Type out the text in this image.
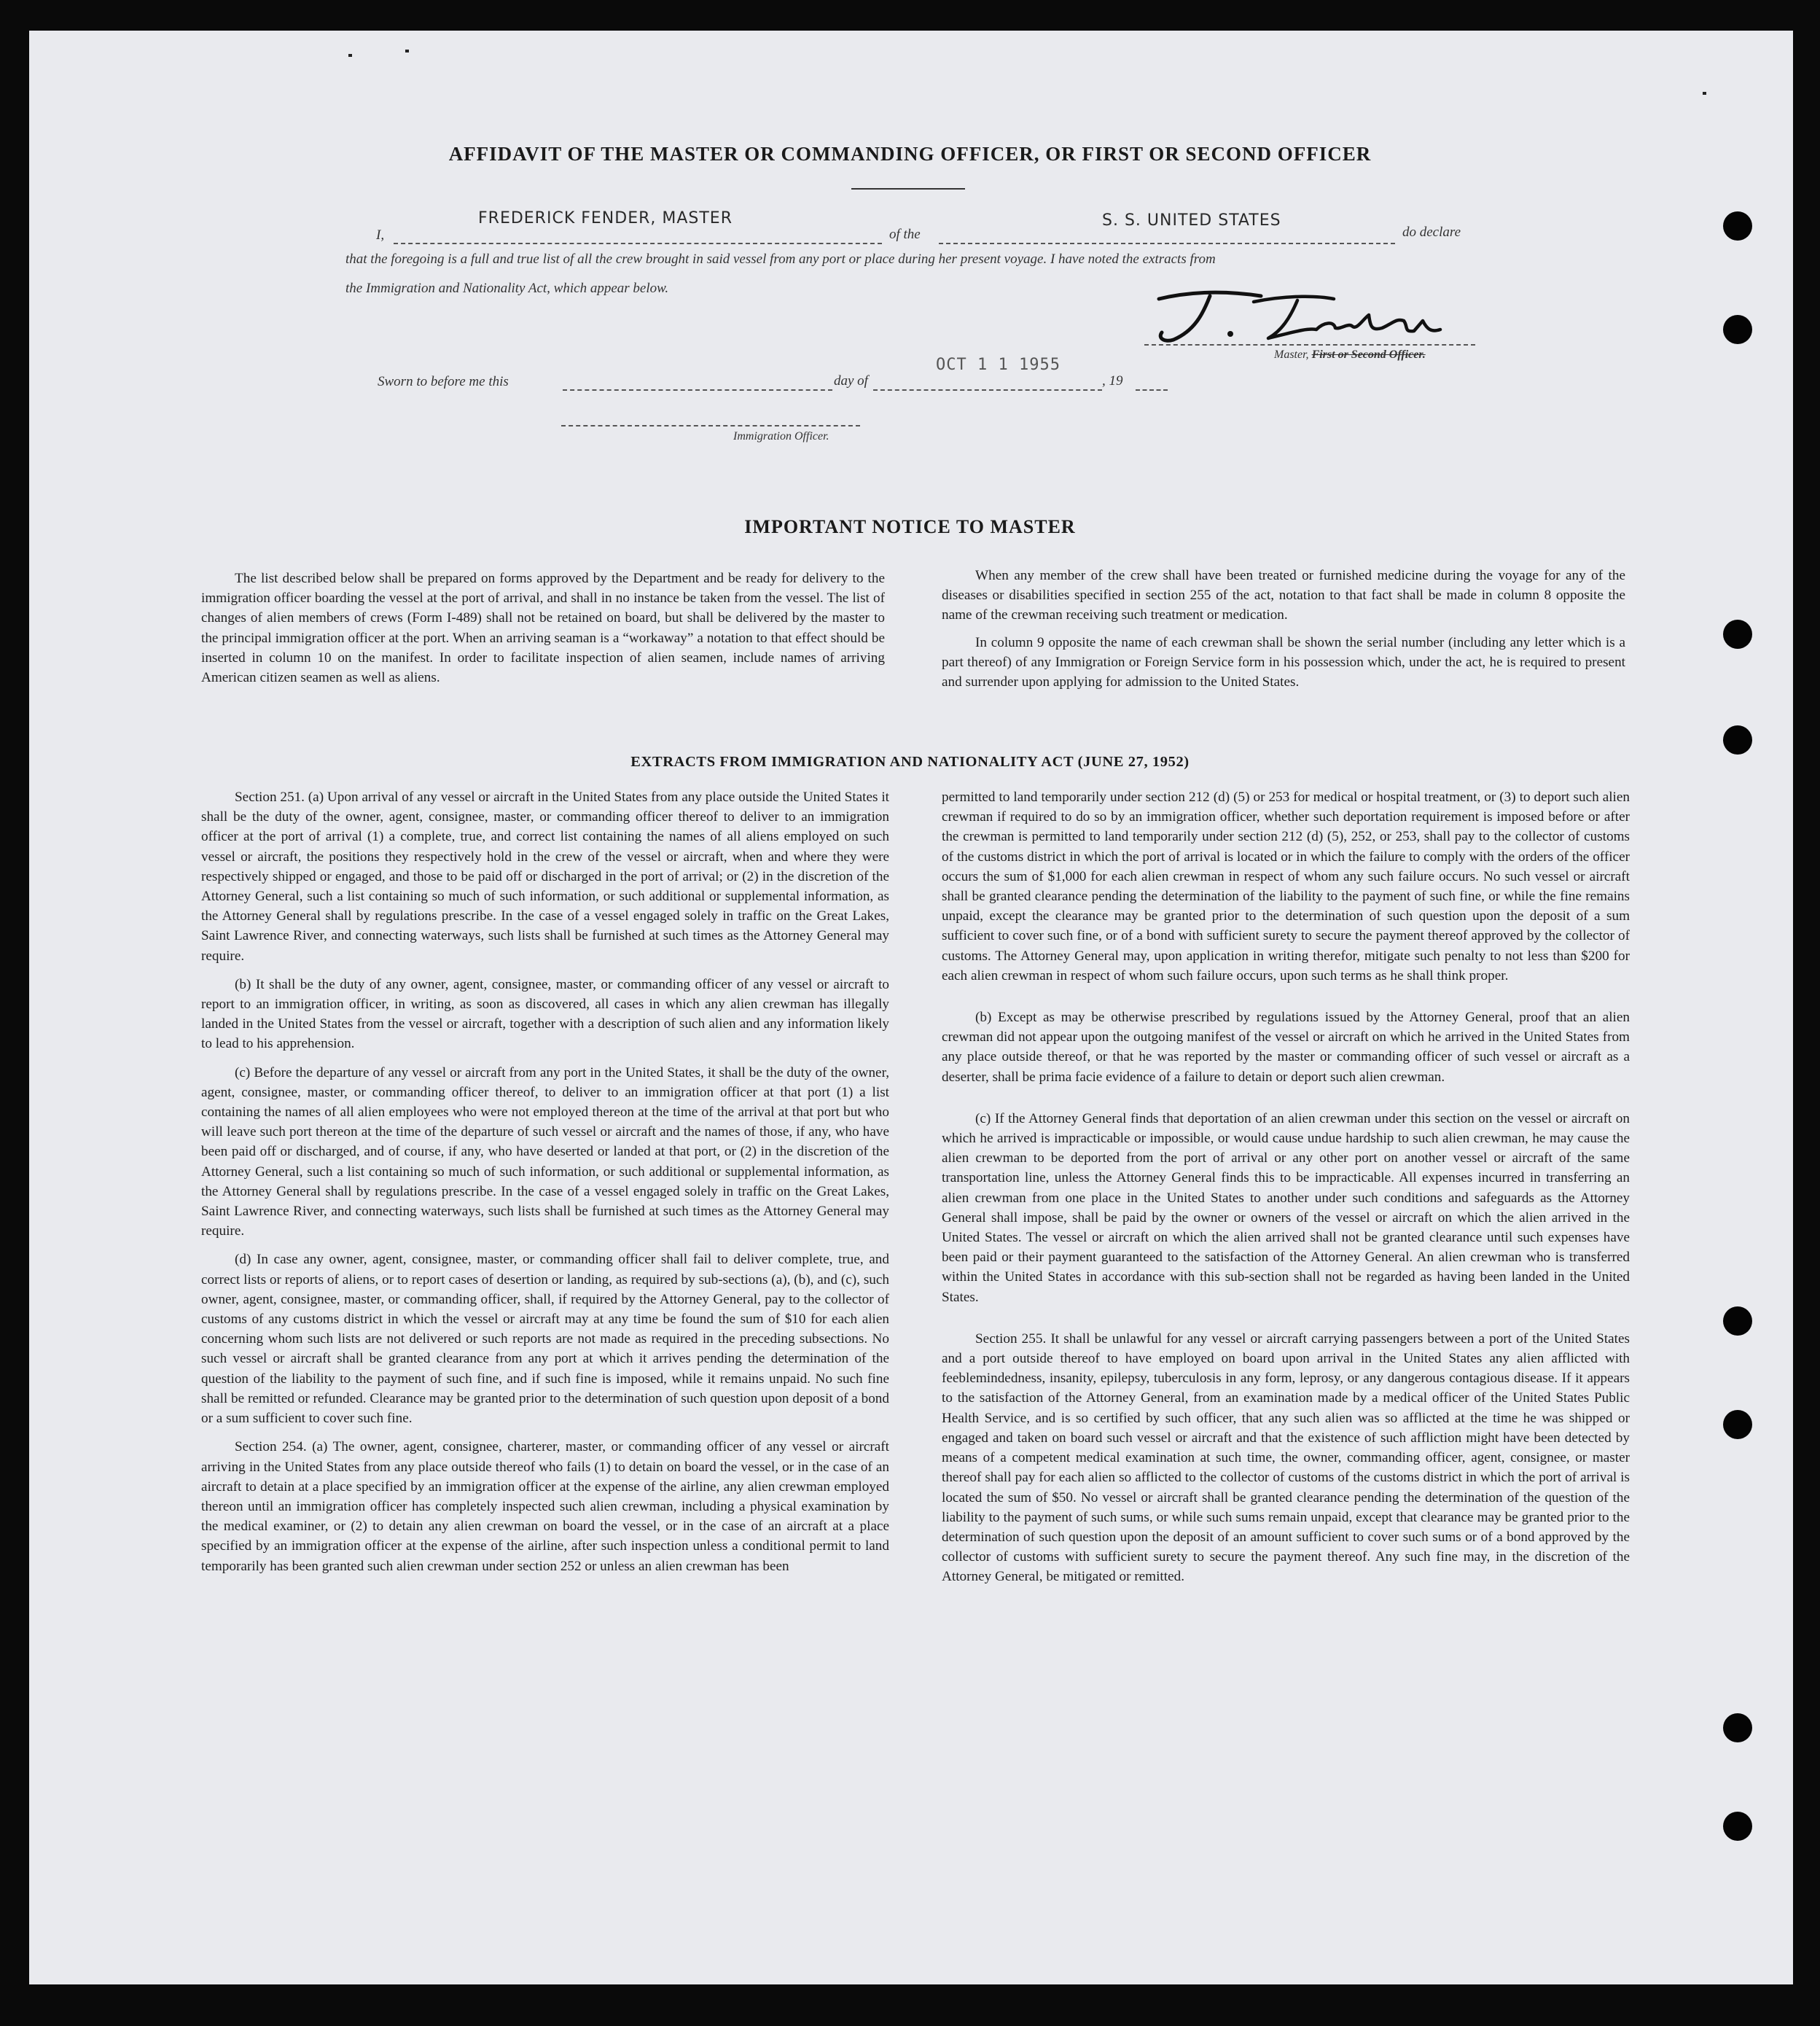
AFFIDAVIT OF THE MASTER OR COMMANDING OFFICER, OR FIRST OR SECOND OFFICER
I,
FREDERICK FENDER, MASTER
of the
S. S. UNITED STATES
do declare
that the foregoing is a full and true list of all the crew brought in said vessel from any port or place during her present voyage. I have noted the extracts from
the Immigration and Nationality Act, which appear below.
Master, First or Second Officer.
Sworn to before me this	day of
OCT 1 1 1955
, 19
Immigration Officer.
IMPORTANT NOTICE TO MASTER

The list described below shall be prepared on forms approved by the Department and be ready for delivery to the immigration officer boarding the vessel at the port of arrival, and shall in no instance be taken from the vessel. The list of changes of alien members of crews (Form I-489) shall not be retained on board, but shall be delivered by the master to the principal immigration officer at the port. When an arriving seaman is a “workaway” a notation to that effect should be inserted in column 10 on the manifest. In order to facilitate inspection of alien seamen, include names of arriving American citizen seamen as well as aliens.

When any member of the crew shall have been treated or furnished medicine during the voyage for any of the diseases or disabilities specified in section 255 of the act, notation to that fact shall be made in column 8 opposite the name of the crewman receiving such treatment or medication.

In column 9 opposite the name of each crewman shall be shown the serial number (including any letter which is a part thereof) of any Immigration or Foreign Service form in his possession which, under the act, he is required to present and surrender upon applying for admission to the United States.

EXTRACTS FROM IMMIGRATION AND NATIONALITY ACT (JUNE 27, 1952)

Section 251. (a) Upon arrival of any vessel or aircraft in the United States from any place outside the United States it shall be the duty of the owner, agent, consignee, master, or commanding officer thereof to deliver to an immigration officer at the port of arrival (1) a complete, true, and correct list containing the names of all aliens employed on such vessel or aircraft, the positions they respectively hold in the crew of the vessel or aircraft, when and where they were respectively shipped or engaged, and those to be paid off or discharged in the port of arrival; or (2) in the discretion of the Attorney General, such a list containing so much of such information, or such additional or supplemental information, as the Attorney General shall by regulations prescribe. In the case of a vessel engaged solely in traffic on the Great Lakes, Saint Lawrence River, and connecting waterways, such lists shall be furnished at such times as the Attorney General may require.

(b) It shall be the duty of any owner, agent, consignee, master, or commanding officer of any vessel or aircraft to report to an immigration officer, in writing, as soon as discovered, all cases in which any alien crewman has illegally landed in the United States from the vessel or aircraft, together with a description of such alien and any information likely to lead to his apprehension.

(c) Before the departure of any vessel or aircraft from any port in the United States, it shall be the duty of the owner, agent, consignee, master, or commanding officer thereof, to deliver to an immigration officer at that port (1) a list containing the names of all alien employees who were not employed thereon at the time of the arrival at that port but who will leave such port thereon at the time of the departure of such vessel or aircraft and the names of those, if any, who have been paid off or discharged, and of course, if any, who have deserted or landed at that port, or (2) in the discretion of the Attorney General, such a list containing so much of such information, or such additional or supplemental information, as the Attorney General shall by regulations prescribe. In the case of a vessel engaged solely in traffic on the Great Lakes, Saint Lawrence River, and connecting waterways, such lists shall be furnished at such times as the Attorney General may require.

(d) In case any owner, agent, consignee, master, or commanding officer shall fail to deliver complete, true, and correct lists or reports of aliens, or to report cases of desertion or landing, as required by sub-sections (a), (b), and (c), such owner, agent, consignee, master, or commanding officer, shall, if required by the Attorney General, pay to the collector of customs of any customs district in which the vessel or aircraft may at any time be found the sum of $10 for each alien concerning whom such lists are not delivered or such reports are not made as required in the preceding subsections. No such vessel or aircraft shall be granted clearance from any port at which it arrives pending the determination of the question of the liability to the payment of such fine, and if such fine is imposed, while it remains unpaid. No such fine shall be remitted or refunded. Clearance may be granted prior to the determination of such question upon deposit of a bond or a sum sufficient to cover such fine.

Section 254. (a) The owner, agent, consignee, charterer, master, or commanding officer of any vessel or aircraft arriving in the United States from any place outside thereof who fails (1) to detain on board the vessel, or in the case of an aircraft to detain at a place specified by an immigration officer at the expense of the airline, any alien crewman employed thereon until an immigration officer has completely inspected such alien crewman, including a physical examination by the medical examiner, or (2) to detain any alien crewman on board the vessel, or in the case of an aircraft at a place specified by an immigration officer at the expense of the airline, after such inspection unless a conditional permit to land temporarily has been granted such alien crewman under section 252 or unless an alien crewman has been

permitted to land temporarily under section 212 (d) (5) or 253 for medical or hospital treatment, or (3) to deport such alien crewman if required to do so by an immigration officer, whether such deportation requirement is imposed before or after the crewman is permitted to land temporarily under section 212 (d) (5), 252, or 253, shall pay to the collector of customs of the customs district in which the port of arrival is located or in which the failure to comply with the orders of the officer occurs the sum of $1,000 for each alien crewman in respect of whom any such failure occurs. No such vessel or aircraft shall be granted clearance pending the determination of the liability to the payment of such fine, or while the fine remains unpaid, except the clearance may be granted prior to the determination of such question upon the deposit of a sum sufficient to cover such fine, or of a bond with sufficient surety to secure the payment thereof approved by the collector of customs. The Attorney General may, upon application in writing therefor, mitigate such penalty to not less than $200 for each alien crewman in respect of whom such failure occurs, upon such terms as he shall think proper.

(b) Except as may be otherwise prescribed by regulations issued by the Attorney General, proof that an alien crewman did not appear upon the outgoing manifest of the vessel or aircraft on which he arrived in the United States from any place outside thereof, or that he was reported by the master or commanding officer of such vessel or aircraft as a deserter, shall be prima facie evidence of a failure to detain or deport such alien crewman.

(c) If the Attorney General finds that deportation of an alien crewman under this section on the vessel or aircraft on which he arrived is impracticable or impossible, or would cause undue hardship to such alien crewman, he may cause the alien crewman to be deported from the port of arrival or any other port on another vessel or aircraft of the same transportation line, unless the Attorney General finds this to be impracticable. All expenses incurred in transferring an alien crewman from one place in the United States to another under such conditions and safeguards as the Attorney General shall impose, shall be paid by the owner or owners of the vessel or aircraft on which the alien arrived in the United States. The vessel or aircraft on which the alien arrived shall not be granted clearance until such expenses have been paid or their payment guaranteed to the satisfaction of the Attorney General. An alien crewman who is transferred within the United States in accordance with this sub-section shall not be regarded as having been landed in the United States.

Section 255. It shall be unlawful for any vessel or aircraft carrying passengers between a port of the United States and a port outside thereof to have employed on board upon arrival in the United States any alien afflicted with feeblemindedness, insanity, epilepsy, tuberculosis in any form, leprosy, or any dangerous contagious disease. If it appears to the satisfaction of the Attorney General, from an examination made by a medical officer of the United States Public Health Service, and is so certified by such officer, that any such alien was so afflicted at the time he was shipped or engaged and taken on board such vessel or aircraft and that the existence of such affliction might have been detected by means of a competent medical examination at such time, the owner, commanding officer, agent, consignee, or master thereof shall pay for each alien so afflicted to the collector of customs of the customs district in which the port of arrival is located the sum of $50. No vessel or aircraft shall be granted clearance pending the determination of the question of the liability to the payment of such sums, or while such sums remain unpaid, except that clearance may be granted prior to the determination of such question upon the deposit of an amount sufficient to cover such sums or of a bond approved by the collector of customs with sufficient surety to secure the payment thereof. Any such fine may, in the discretion of the Attorney General, be mitigated or remitted.
